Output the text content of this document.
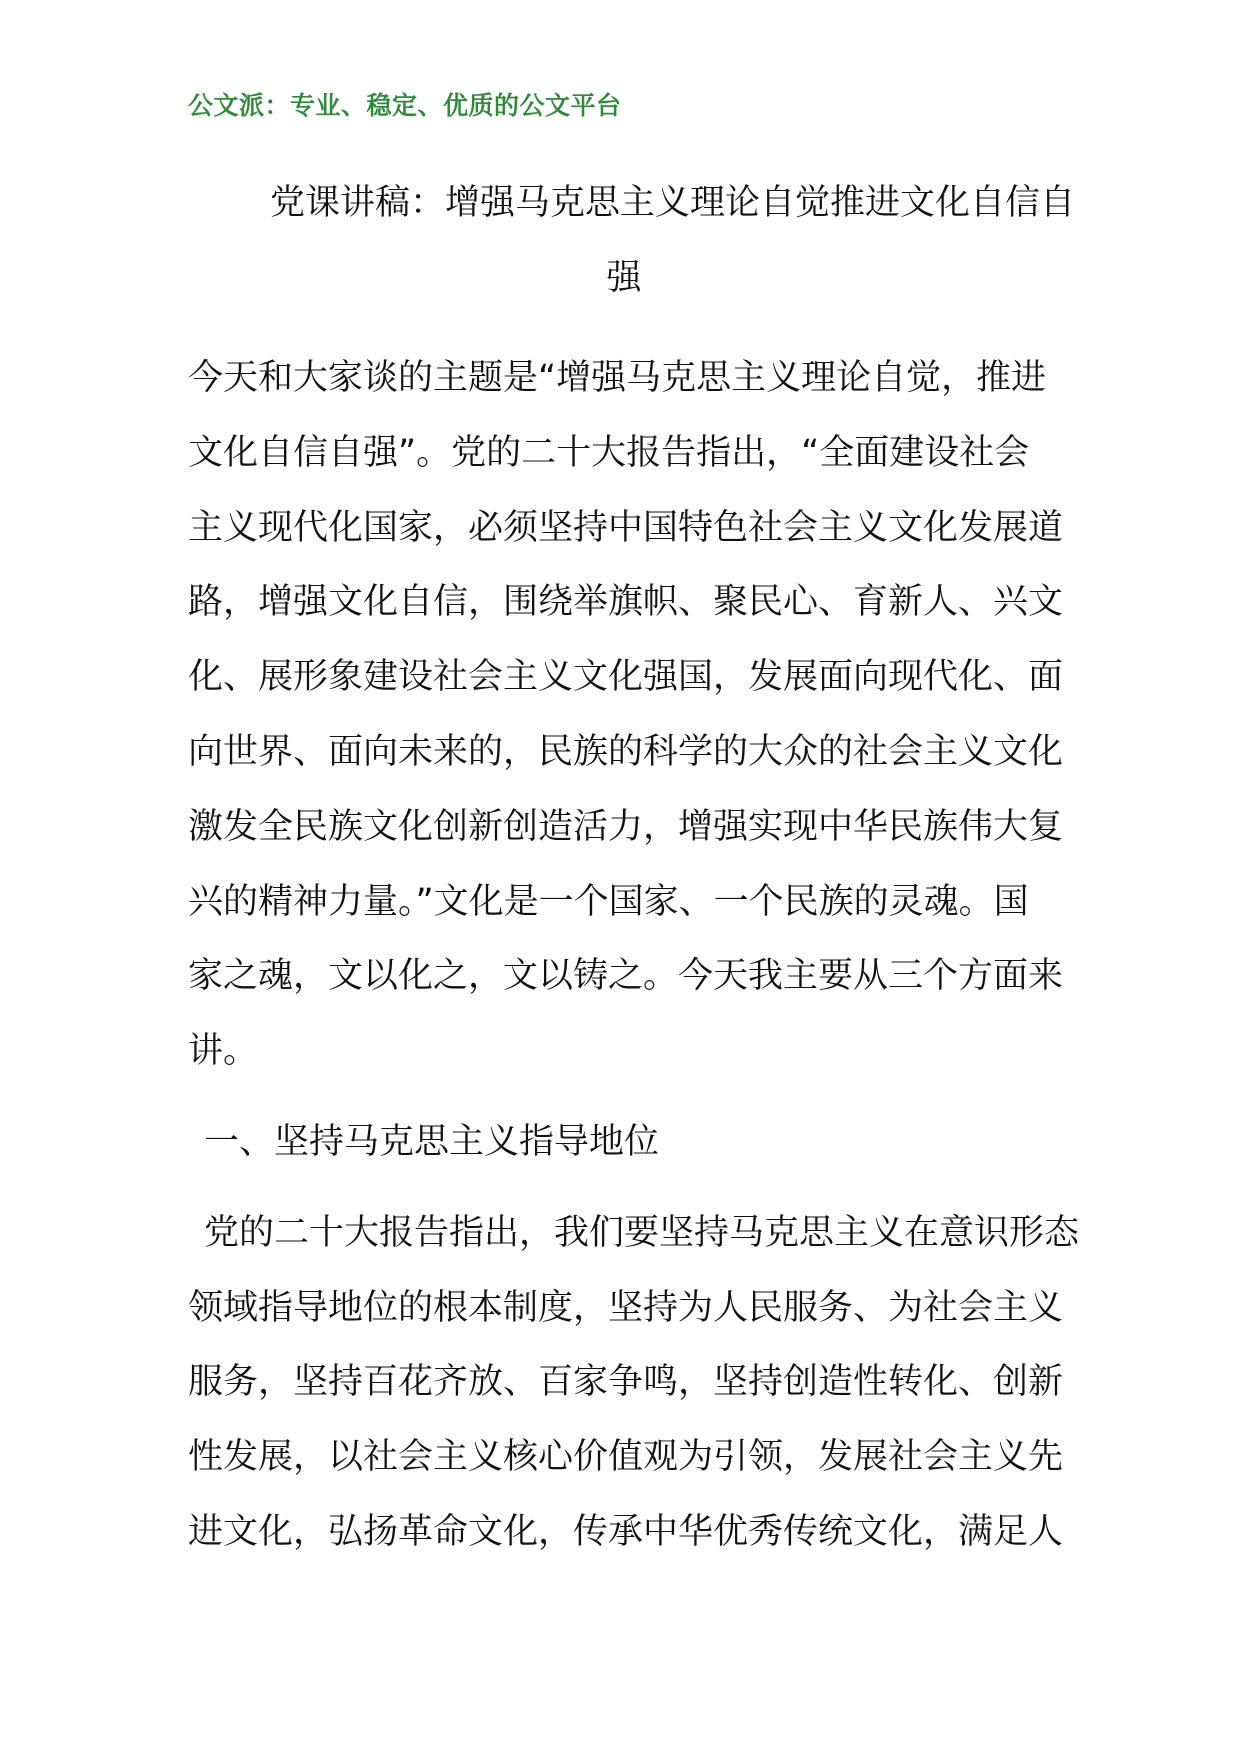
公文派：专业、稳定、优质的公文平台
党课讲稿：增强马克思主义理论自觉推进文化自信自
强
今天和大家谈的主题是“增强马克思主义理论自觉，推进
文化自信自强”。党的二十大报告指出，“全面建设社会
主义现代化国家，必须坚持中国特色社会主义文化发展道
路，增强文化自信，围绕举旗帜、聚民心、育新人、兴文
化、展形象建设社会主义文化强国，发展面向现代化、面
向世界、面向未来的，民族的科学的大众的社会主义文化
激发全民族文化创新创造活力，增强实现中华民族伟大复
兴的精神力量。”文化是一个国家、一个民族的灵魂。国
家之魂，文以化之，文以铸之。今天我主要从三个方面来
讲。
一、坚持马克思主义指导地位
党的二十大报告指出，我们要坚持马克思主义在意识形态
领域指导地位的根本制度，坚持为人民服务、为社会主义
服务，坚持百花齐放、百家争鸣，坚持创造性转化、创新
性发展，以社会主义核心价值观为引领，发展社会主义先
进文化，弘扬革命文化，传承中华优秀传统文化，满足人
